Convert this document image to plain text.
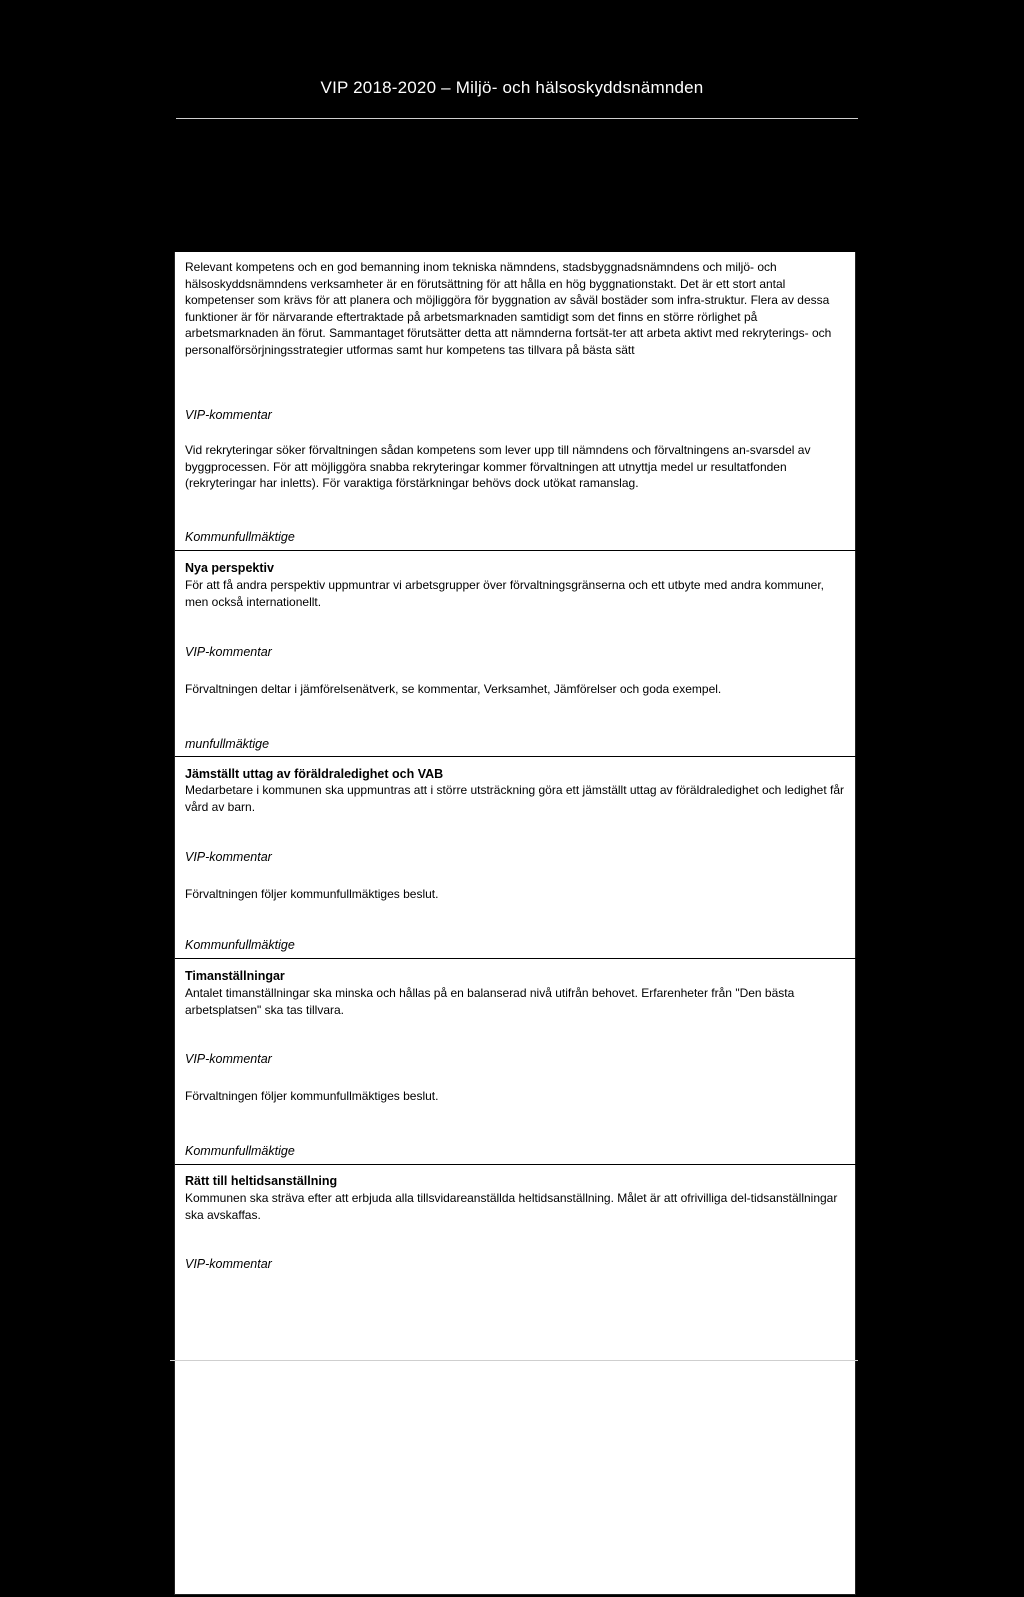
VIP 2018-2020 – Miljö- och hälsoskyddsnämnden
Relevant kompetens och en god bemanning inom tekniska nämndens, stadsbyggnadsnämndens och miljö- och hälsoskyddsnämndens verksamheter är en förutsättning för att hålla en hög byggnationstakt. Det är ett stort antal kompetenser som krävs för att planera och möjliggöra för byggnation av såväl bostäder som infra-struktur. Flera av dessa funktioner är för närvarande eftertraktade på arbetsmarknaden samtidigt som det finns en större rörlighet på arbetsmarknaden än förut. Sammantaget förutsätter detta att nämnderna fortsät-ter att arbeta aktivt med rekryterings- och personalförsörjningsstrategier utformas samt hur kompetens tas tillvara på bästa sätt
VIP-kommentar
Vid rekryteringar söker förvaltningen sådan kompetens som lever upp till nämndens och förvaltningens an-svarsdel av byggprocessen. För att möjliggöra snabba rekryteringar kommer förvaltningen att utnyttja medel ur resultatfonden (rekryteringar har inletts). För varaktiga förstärkningar behövs dock utökat ramanslag.
Kommunfullmäktige
Nya perspektiv
För att få andra perspektiv uppmuntrar vi arbetsgrupper över förvaltningsgränserna och ett utbyte med andra kommuner, men också internationellt.
VIP-kommentar
Förvaltningen deltar i jämförelsenätverk, se kommentar, Verksamhet, Jämförelser och goda exempel.
munfullmäktige
Jämställt uttag av föräldraledighet och VAB
Medarbetare i kommunen ska uppmuntras att i större utsträckning göra ett jämställt uttag av föräldraledighet och ledighet får vård av barn.
VIP-kommentar
Förvaltningen följer kommunfullmäktiges beslut.
Kommunfullmäktige
Timanställningar
Antalet timanställningar ska minska och hållas på en balanserad nivå utifrån behovet. Erfarenheter från "Den bästa arbetsplatsen" ska tas tillvara.
VIP-kommentar
Förvaltningen följer kommunfullmäktiges beslut.
Kommunfullmäktige
Rätt till heltidsanställning
Kommunen ska sträva efter att erbjuda alla tillsvidareanställda heltidsanställning. Målet är att ofrivilliga del-tidsanställningar ska avskaffas.
VIP-kommentar
22
